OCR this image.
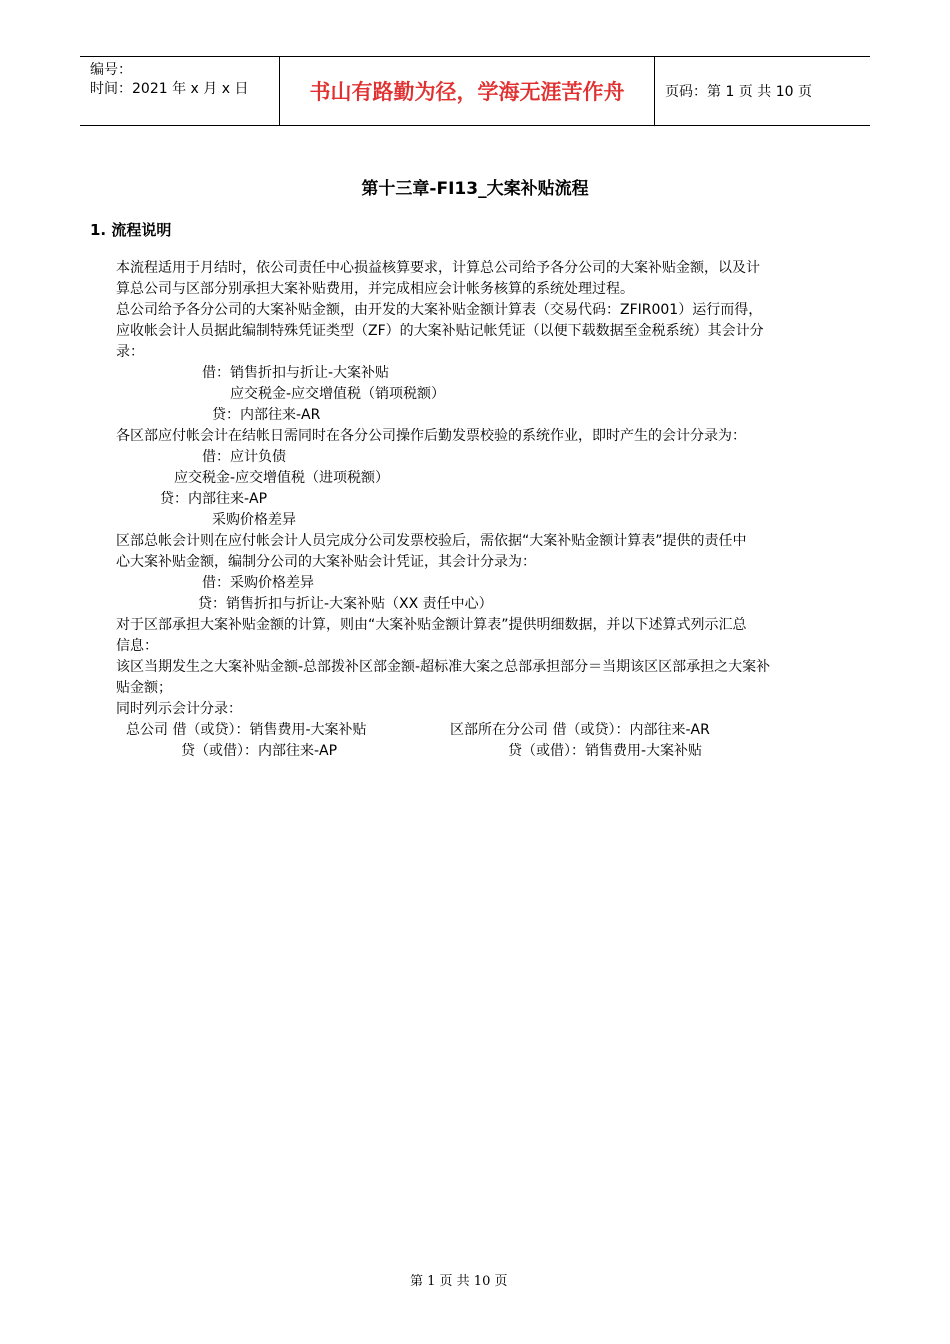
编号：
时间：2021 年 x 月 x 日	书山有路勤为径，学海无涯苦作舟	页码：第 1 页 共 10 页
第十三章-FI13_大案补贴流程
1. 流程说明
本流程适用于月结时，依公司责任中心损益核算要求，计算总公司给予各分公司的大案补贴金额，以及计
算总公司与区部分别承担大案补贴费用，并完成相应会计帐务核算的系统处理过程。
总公司给予各分公司的大案补贴金额，由开发的大案补贴金额计算表（交易代码：ZFIR001）运行而得，
应收帐会计人员据此编制特殊凭证类型（ZF）的大案补贴记帐凭证（以便下载数据至金税系统）其会计分
录：
借：销售折扣与折让-大案补贴
应交税金-应交增值税（销项税额）
贷：内部往来-AR
各区部应付帐会计在结帐日需同时在各分公司操作后勤发票校验的系统作业，即时产生的会计分录为：
借：应计负债
应交税金-应交增值税（进项税额）
贷：内部往来-AP
采购价格差异
区部总帐会计则在应付帐会计人员完成分公司发票校验后，需依据“大案补贴金额计算表”提供的责任中
心大案补贴金额，编制分公司的大案补贴会计凭证，其会计分录为：
借：采购价格差异
贷：销售折扣与折让-大案补贴（XX 责任中心）
对于区部承担大案补贴金额的计算，则由“大案补贴金额计算表”提供明细数据，并以下述算式列示汇总
信息：
该区当期发生之大案补贴金额-总部拨补区部金额-超标准大案之总部承担部分＝当期该区区部承担之大案补
贴金额；
同时列示会计分录：
总公司 借（或贷）：销售费用-大案补贴	区部所在分公司 借（或贷）：内部往来-AR
贷（或借）：内部往来-AP	贷（或借）：销售费用-大案补贴
第 1 页 共 10 页
